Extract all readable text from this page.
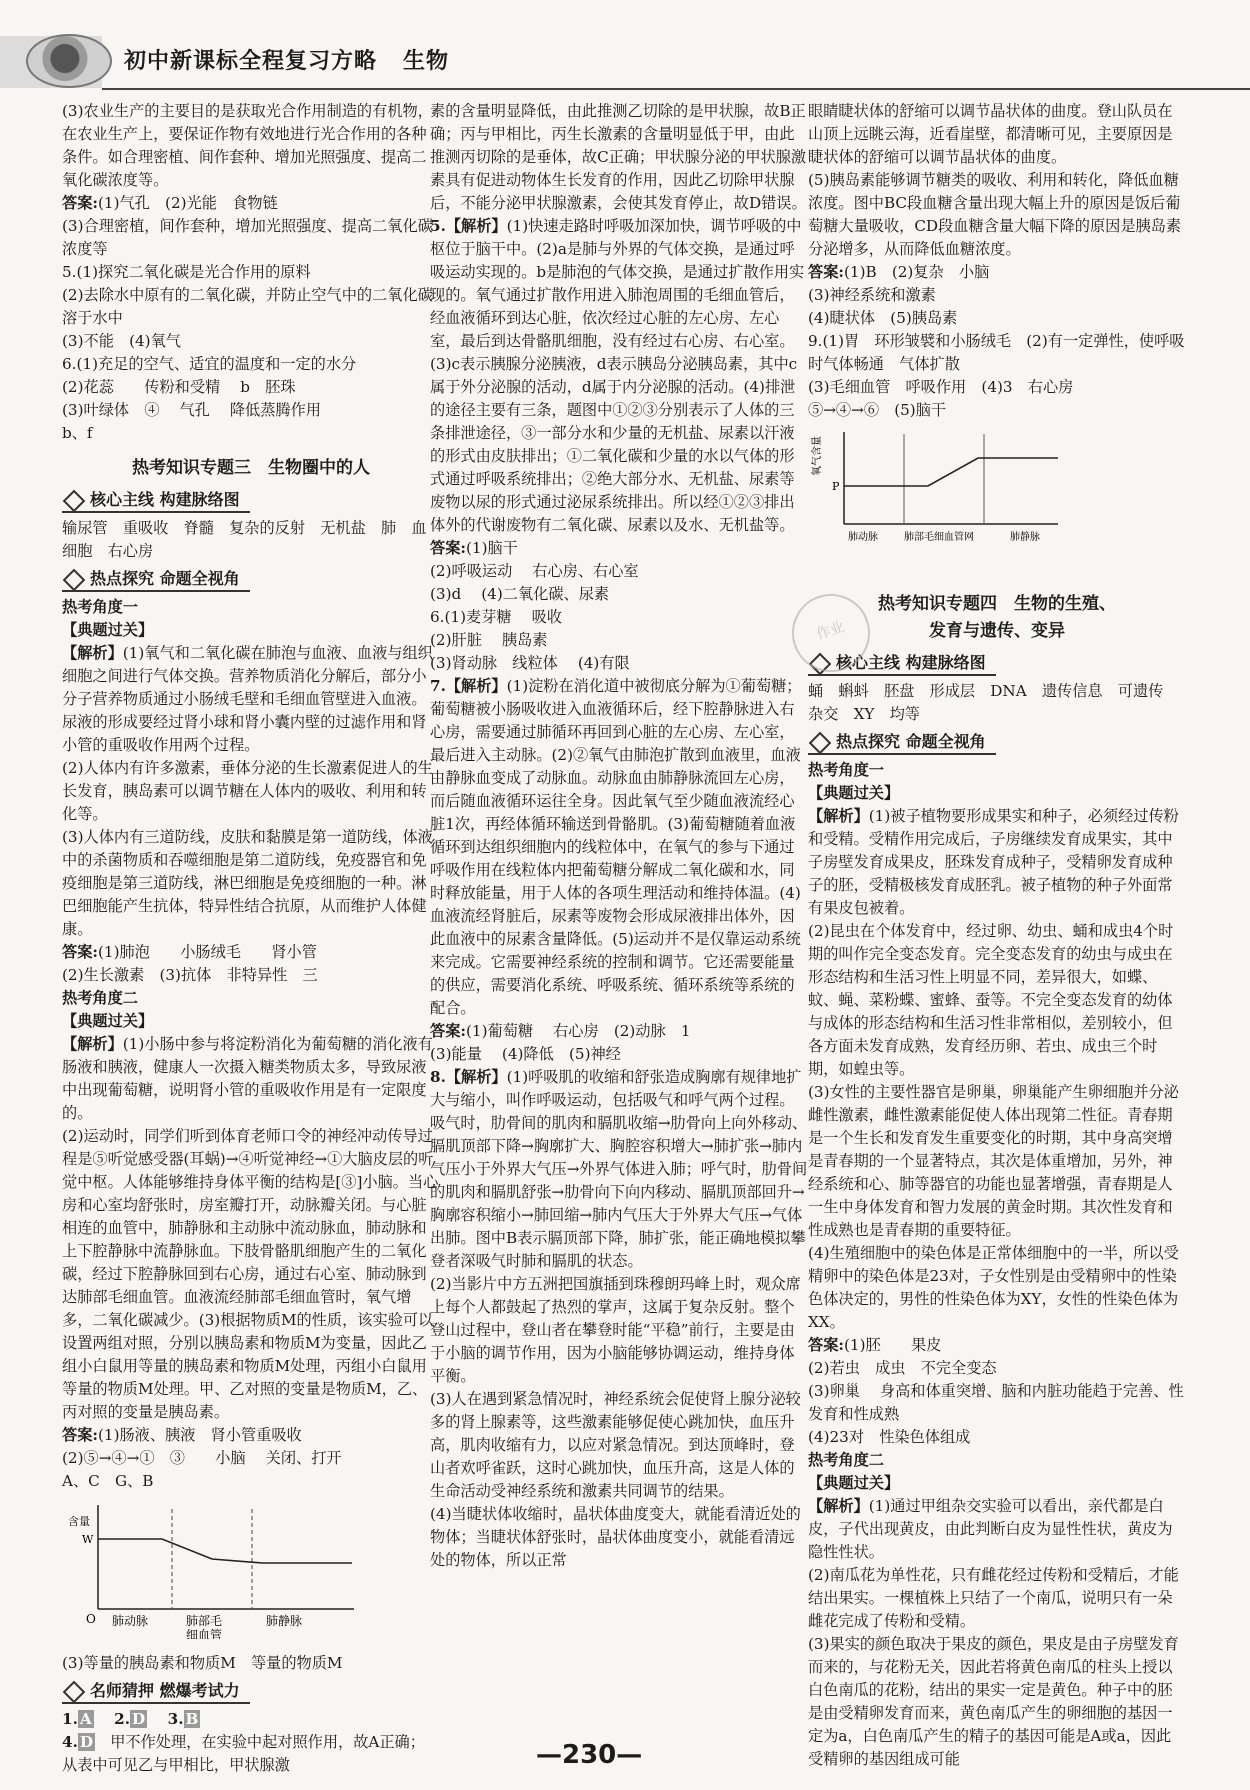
初中新课标全程复习方略 生物

(3)农业生产的主要目的是获取光合作用制造的有机物，在农业生产上，要保证作物有效地进行光合作用的各种条件。如合理密植、间作套种、增加光照强度、提高二氧化碳浓度等。

答案:(1)气孔　(2)光能　食物链

(3)合理密植，间作套种，增加光照强度、提高二氧化碳浓度等

5.(1)探究二氧化碳是光合作用的原料

(2)去除水中原有的二氧化碳，并防止空气中的二氧化碳溶于水中

(3)不能　(4)氧气

6.(1)充足的空气、适宜的温度和一定的水分

(2)花蕊　　传粉和受精　 b　胚珠

(3)叶绿体　④　 气孔　 降低蒸腾作用

b、f

热考知识专题三　生物圈中的人
核心主线 构建脉络图

输尿管　重吸收　脊髓　复杂的反射　无机盐　肺　血细胞　右心房

热点探究 命题全视角

热考角度一

【典题过关】

【解析】(1)氧气和二氧化碳在肺泡与血液、血液与组织细胞之间进行气体交换。营养物质消化分解后，部分小分子营养物质通过小肠绒毛壁和毛细血管壁进入血液。尿液的形成要经过肾小球和肾小囊内壁的过滤作用和肾小管的重吸收作用两个过程。

(2)人体内有许多激素，垂体分泌的生长激素促进人的生长发育，胰岛素可以调节糖在人体内的吸收、利用和转化等。

(3)人体内有三道防线，皮肤和黏膜是第一道防线，体液中的杀菌物质和吞噬细胞是第二道防线，免疫器官和免疫细胞是第三道防线，淋巴细胞是免疫细胞的一种。淋巴细胞能产生抗体，特异性结合抗原，从而维护人体健康。

答案:(1)肺泡　　小肠绒毛　　肾小管

(2)生长激素　(3)抗体　非特异性　三

热考角度二

【典题过关】

【解析】(1)小肠中参与将淀粉消化为葡萄糖的消化液有肠液和胰液，健康人一次摄入糖类物质太多，导致尿液中出现葡萄糖，说明肾小管的重吸收作用是有一定限度的。

(2)运动时，同学们听到体育老师口令的神经冲动传导过程是⑤听觉感受器(耳蜗)→④听觉神经→①大脑皮层的听觉中枢。人体能够维持身体平衡的结构是[③]小脑。当心房和心室均舒张时，房室瓣打开，动脉瓣关闭。与心脏相连的血管中，肺静脉和主动脉中流动脉血，肺动脉和上下腔静脉中流静脉血。下肢骨骼肌细胞产生的二氧化碳，经过下腔静脉回到右心房，通过右心室、肺动脉到达肺部毛细血管。血液流经肺部毛细血管时，氧气增多，二氧化碳减少。(3)根据物质M的性质，该实验可以设置两组对照，分别以胰岛素和物质M为变量，因此乙组小白鼠用等量的胰岛素和物质M处理，丙组小白鼠用等量的物质M处理。甲、乙对照的变量是物质M，乙、丙对照的变量是胰岛素。

答案:(1)肠液、胰液　肾小管重吸收

(2)⑤→④→①　③　　小脑　 关闭、打开

A、C　G、B

含量
W
O 肺动脉	肺部毛
细血管
肺静脉

(3)等量的胰岛素和物质M　等量的物质M

名师猜押 燃爆考试力

1. A　 2. D　 3. B

4. D　 甲不作处理，在实验中起对照作用，故A正确；从表中可见乙与甲相比，甲状腺激

素的含量明显降低，由此推测乙切除的是甲状腺，故B正确；丙与甲相比，丙生长激素的含量明显低于甲，由此推测丙切除的是垂体，故C正确；甲状腺分泌的甲状腺激素具有促进动物体生长发育的作用，因此乙切除甲状腺后，不能分泌甲状腺激素，会使其发育停止，故D错误。

5.【解析】(1)快速走路时呼吸加深加快，调节呼吸的中枢位于脑干中。(2)a是肺与外界的气体交换，是通过呼吸运动实现的。b是肺泡的气体交换，是通过扩散作用实现的。氧气通过扩散作用进入肺泡周围的毛细血管后，经血液循环到达心脏，依次经过心脏的左心房、左心室，最后到达骨骼肌细胞，没有经过右心房、右心室。(3)c表示胰腺分泌胰液，d表示胰岛分泌胰岛素，其中c属于外分泌腺的活动，d属于内分泌腺的活动。(4)排泄的途径主要有三条，题图中①②③分别表示了人体的三条排泄途径，③一部分水和少量的无机盐、尿素以汗液的形式由皮肤排出；①二氧化碳和少量的水以气体的形式通过呼吸系统排出；②绝大部分水、无机盐、尿素等废物以尿的形式通过泌尿系统排出。所以经①②③排出体外的代谢废物有二氧化碳、尿素以及水、无机盐等。

答案:(1)脑干

(2)呼吸运动　 右心房、右心室

(3)d　 (4)二氧化碳、尿素

6.(1)麦芽糖　 吸收

(2)肝脏　 胰岛素

(3)肾动脉　线粒体　 (4)有限

7.【解析】(1)淀粉在消化道中被彻底分解为①葡萄糖；葡萄糖被小肠吸收进入血液循环后，经下腔静脉进入右心房，需要通过肺循环再回到心脏的左心房、左心室，最后进入主动脉。(2)②氧气由肺泡扩散到血液里，血液由静脉血变成了动脉血。动脉血由肺静脉流回左心房，而后随血液循环运往全身。因此氧气至少随血液流经心脏1次，再经体循环输送到骨骼肌。(3)葡萄糖随着血液循环到达组织细胞内的线粒体中，在氧气的参与下通过呼吸作用在线粒体内把葡萄糖分解成二氧化碳和水，同时释放能量，用于人体的各项生理活动和维持体温。(4)血液流经肾脏后，尿素等废物会形成尿液排出体外，因此血液中的尿素含量降低。(5)运动并不是仅靠运动系统来完成。它需要神经系统的控制和调节。它还需要能量的供应，需要消化系统、呼吸系统、循环系统等系统的配合。

答案:(1)葡萄糖　 右心房　(2)动脉　1

(3)能量　 (4)降低　(5)神经

8.【解析】(1)呼吸肌的收缩和舒张造成胸廓有规律地扩大与缩小，叫作呼吸运动，包括吸气和呼气两个过程。吸气时，肋骨间的肌肉和膈肌收缩→肋骨向上向外移动、膈肌顶部下降→胸廓扩大、胸腔容积增大→肺扩张→肺内气压小于外界大气压→外界气体进入肺；呼气时，肋骨间的肌肉和膈肌舒张→肋骨向下向内移动、膈肌顶部回升→胸廓容积缩小→肺回缩→肺内气压大于外界大气压→气体出肺。图中B表示膈顶部下降，肺扩张，能正确地模拟攀登者深吸气时肺和膈肌的状态。

(2)当影片中方五洲把国旗插到珠穆朗玛峰上时，观众席上每个人都鼓起了热烈的掌声，这属于复杂反射。整个登山过程中，登山者在攀登时能“平稳”前行，主要是由于小脑的调节作用，因为小脑能够协调运动，维持身体平衡。

(3)人在遇到紧急情况时，神经系统会促使肾上腺分泌较多的肾上腺素等，这些激素能够促使心跳加快，血压升高，肌肉收缩有力，以应对紧急情况。到达顶峰时，登山者欢呼雀跃，这时心跳加快，血压升高，这是人体的生命活动受神经系统和激素共同调节的结果。

(4)当睫状体收缩时，晶状体曲度变大，就能看清近处的物体；当睫状体舒张时，晶状体曲度变小，就能看清远处的物体，所以正常

眼睛睫状体的舒缩可以调节晶状体的曲度。登山队员在山顶上远眺云海，近看崖壁，都清晰可见，主要原因是睫状体的舒缩可以调节晶状体的曲度。

(5)胰岛素能够调节糖类的吸收、利用和转化，降低血糖浓度。图中BC段血糖含量出现大幅上升的原因是饭后葡萄糖大量吸收，CD段血糖含量大幅下降的原因是胰岛素分泌增多，从而降低血糖浓度。

答案:(1)B　(2)复杂　小脑

(3)神经系统和激素

(4)睫状体　(5)胰岛素

9.(1)胃　环形皱襞和小肠绒毛　(2)有一定弹性，使呼吸时气体畅通　气体扩散

(3)毛细血管　呼吸作用　(4)3　右心房

⑤→④→⑥　(5)脑干

氧气含量
P
肺动脉	肺部毛细血管网	肺静脉
热考知识专题四　生物的生殖、
发育与遗传、变异
核心主线 构建脉络图

蛹　蝌蚪　胚盘　形成层　DNA　遗传信息　可遗传　杂交　XY　均等

热点探究 命题全视角

热考角度一

【典题过关】

【解析】(1)被子植物要形成果实和种子，必须经过传粉和受精。受精作用完成后，子房继续发育成果实，其中子房壁发育成果皮，胚珠发育成种子，受精卵发育成种子的胚，受精极核发育成胚乳。被子植物的种子外面常有果皮包被着。

(2)昆虫在个体发育中，经过卵、幼虫、蛹和成虫4个时期的叫作完全变态发育。完全变态发育的幼虫与成虫在形态结构和生活习性上明显不同，差异很大，如蝶、蚊、蝇、菜粉蝶、蜜蜂、蚕等。不完全变态发育的幼体与成体的形态结构和生活习性非常相似，差别较小，但各方面未发育成熟，发育经历卵、若虫、成虫三个时期，如蝗虫等。

(3)女性的主要性器官是卵巢，卵巢能产生卵细胞并分泌雌性激素，雌性激素能促使人体出现第二性征。青春期是一个生长和发育发生重要变化的时期，其中身高突增是青春期的一个显著特点，其次是体重增加，另外，神经系统和心、肺等器官的功能也显著增强，青春期是人一生中身体发育和智力发展的黄金时期。其次性发育和性成熟也是青春期的重要特征。

(4)生殖细胞中的染色体是正常体细胞中的一半，所以受精卵中的染色体是23对，子女性别是由受精卵中的性染色体决定的，男性的性染色体为XY，女性的性染色体为XX。

答案:(1)胚　　果皮

(2)若虫　成虫　不完全变态

(3)卵巢　 身高和体重突增、脑和内脏功能趋于完善、性发育和性成熟

(4)23对　性染色体组成

热考角度二

【典题过关】

【解析】(1)通过甲组杂交实验可以看出，亲代都是白皮，子代出现黄皮，由此判断白皮为显性性状，黄皮为隐性性状。

(2)南瓜花为单性花，只有雌花经过传粉和受精后，才能结出果实。一棵植株上只结了一个南瓜，说明只有一朵雌花完成了传粉和受精。

(3)果实的颜色取决于果皮的颜色，果皮是由子房壁发育而来的，与花粉无关，因此若将黄色南瓜的柱头上授以白色南瓜的花粉，结出的果实一定是黄色。种子中的胚是由受精卵发育而来，黄色南瓜产生的卵细胞的基因一定为a，白色南瓜产生的精子的基因可能是A或a，因此受精卵的基因组成可能

作业
—230—
